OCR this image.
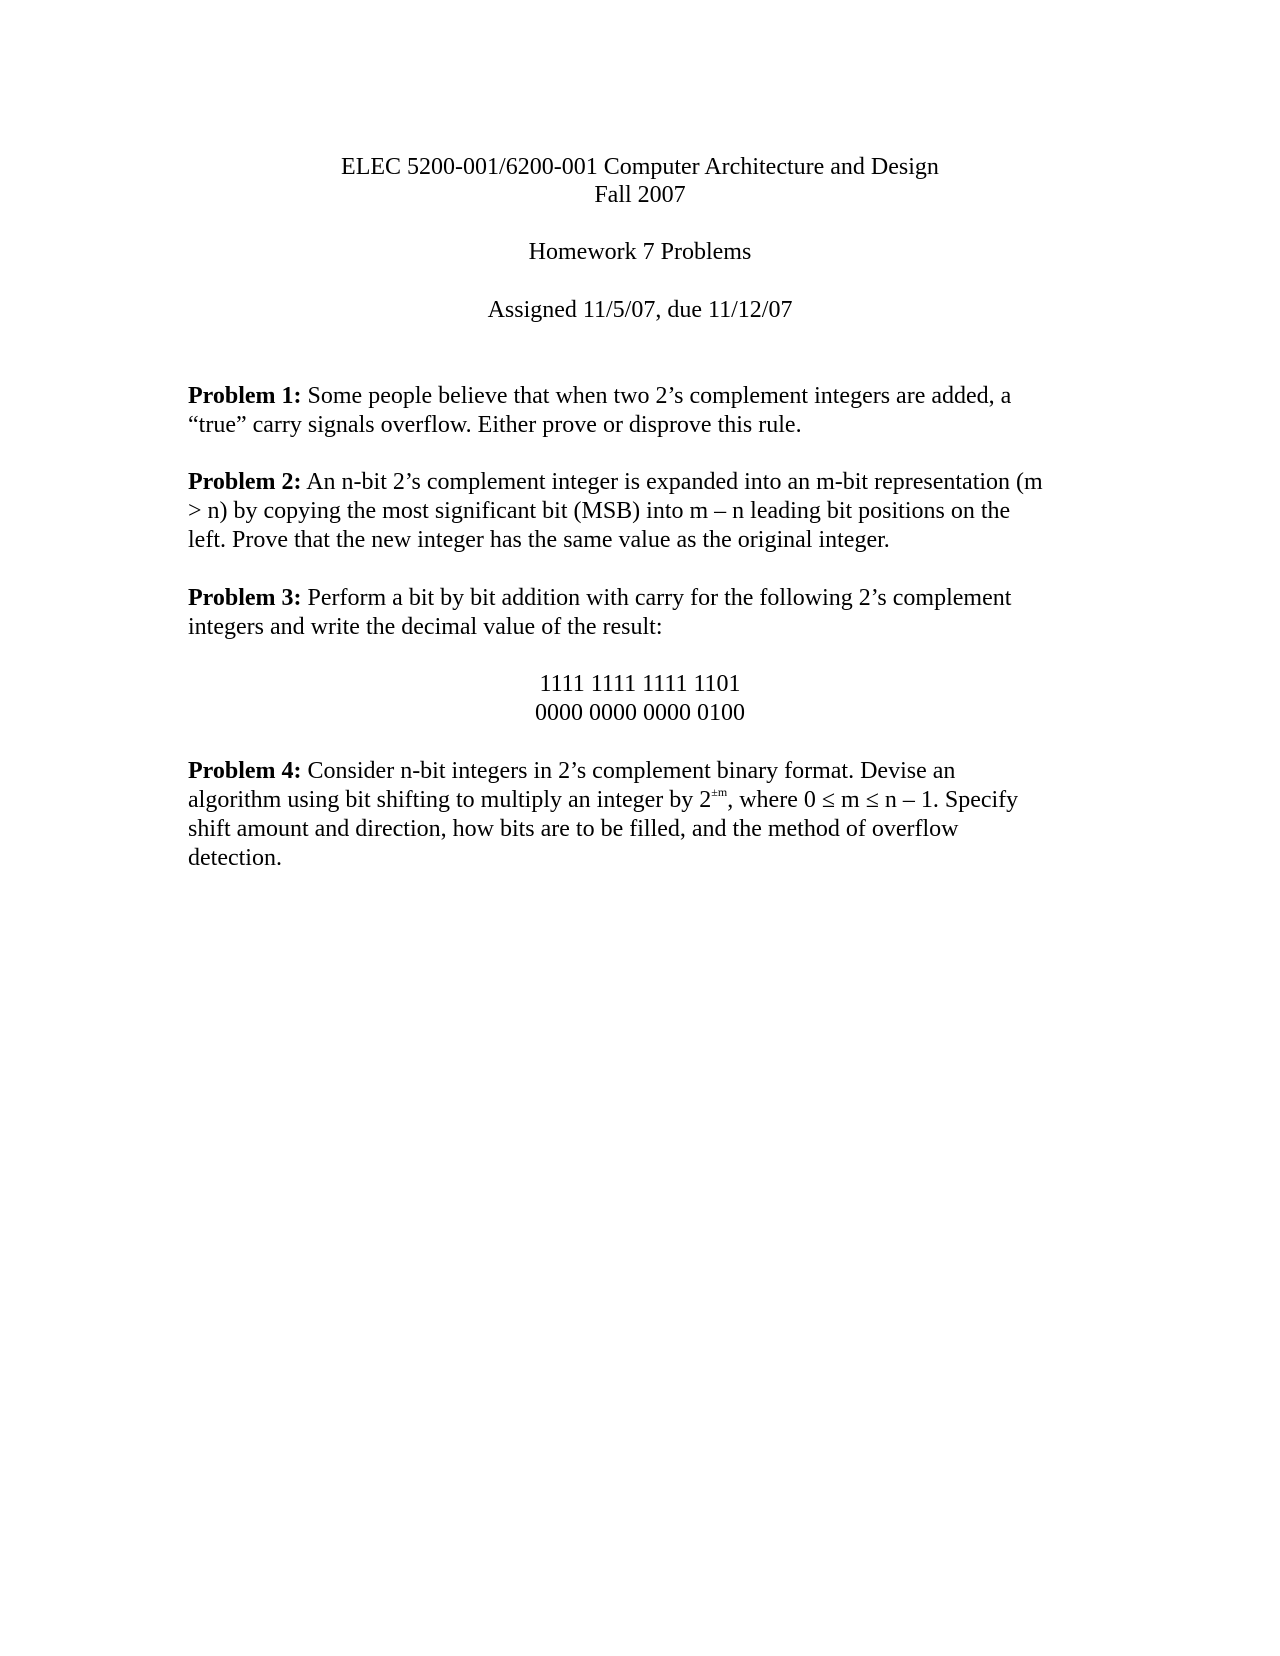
ELEC 5200-001/6200-001 Computer Architecture and Design
Fall 2007
Homework 7 Problems
Assigned 11/5/07, due 11/12/07
Problem 1: Some people believe that when two 2’s complement integers are added, a
“true” carry signals overflow. Either prove or disprove this rule.
Problem 2: An n-bit 2’s complement integer is expanded into an m-bit representation (m
> n) by copying the most significant bit (MSB) into m – n leading bit positions on the
left. Prove that the new integer has the same value as the original integer.
Problem 3: Perform a bit by bit addition with carry for the following 2’s complement
integers and write the decimal value of the result:
1111 1111 1111 1101
0000 0000 0000 0100
Problem 4: Consider n-bit integers in 2’s complement binary format. Devise an
algorithm using bit shifting to multiply an integer by $2^{\pm m}$, where 0 ≤ m ≤ n – 1. Specify
shift amount and direction, how bits are to be filled, and the method of overflow
detection.
